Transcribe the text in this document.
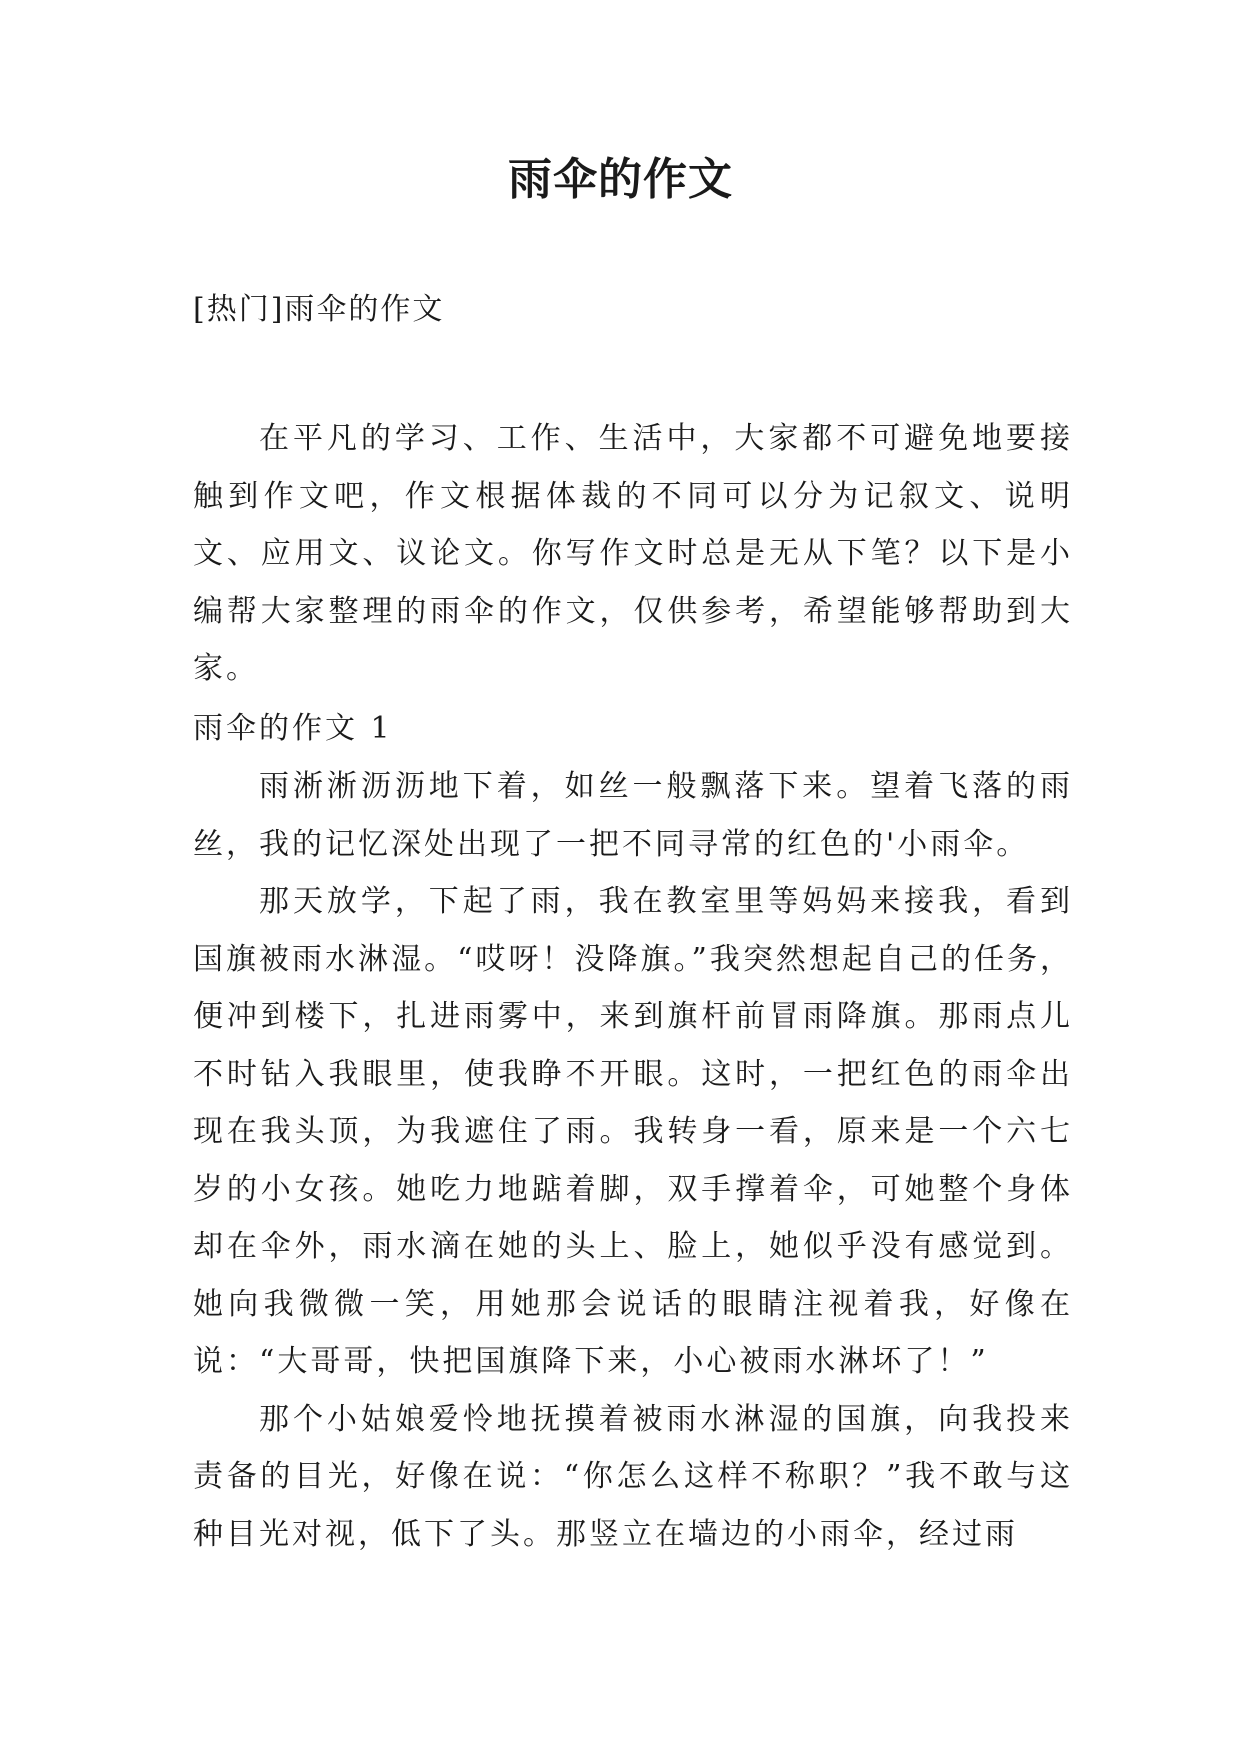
雨伞的作文

[热门]雨伞的作文

在平凡的学习、工作、生活中，大家都不可避免地要接触到作文吧，作文根据体裁的不同可以分为记叙文、说明文、应用文、议论文。你写作文时总是无从下笔？以下是小编帮大家整理的雨伞的作文，仅供参考，希望能够帮助到大家。

雨伞的作文 1

雨淅淅沥沥地下着，如丝一般飘落下来。望着飞落的雨丝，我的记忆深处出现了一把不同寻常的红色的'小雨伞。

那天放学，下起了雨，我在教室里等妈妈来接我，看到国旗被雨水淋湿。“哎呀！没降旗。”我突然想起自己的任务，便冲到楼下，扎进雨雾中，来到旗杆前冒雨降旗。那雨点儿不时钻入我眼里，使我睁不开眼。这时，一把红色的雨伞出现在我头顶，为我遮住了雨。我转身一看，原来是一个六七岁的小女孩。她吃力地踮着脚，双手撑着伞，可她整个身体却在伞外，雨水滴在她的头上、脸上，她似乎没有感觉到。她向我微微一笑，用她那会说话的眼睛注视着我，好像在说：“大哥哥，快把国旗降下来，小心被雨水淋坏了！”

那个小姑娘爱怜地抚摸着被雨水淋湿的国旗，向我投来责备的目光，好像在说：“你怎么这样不称职？”我不敢与这种目光对视，低下了头。那竖立在墙边的小雨伞，经过雨
